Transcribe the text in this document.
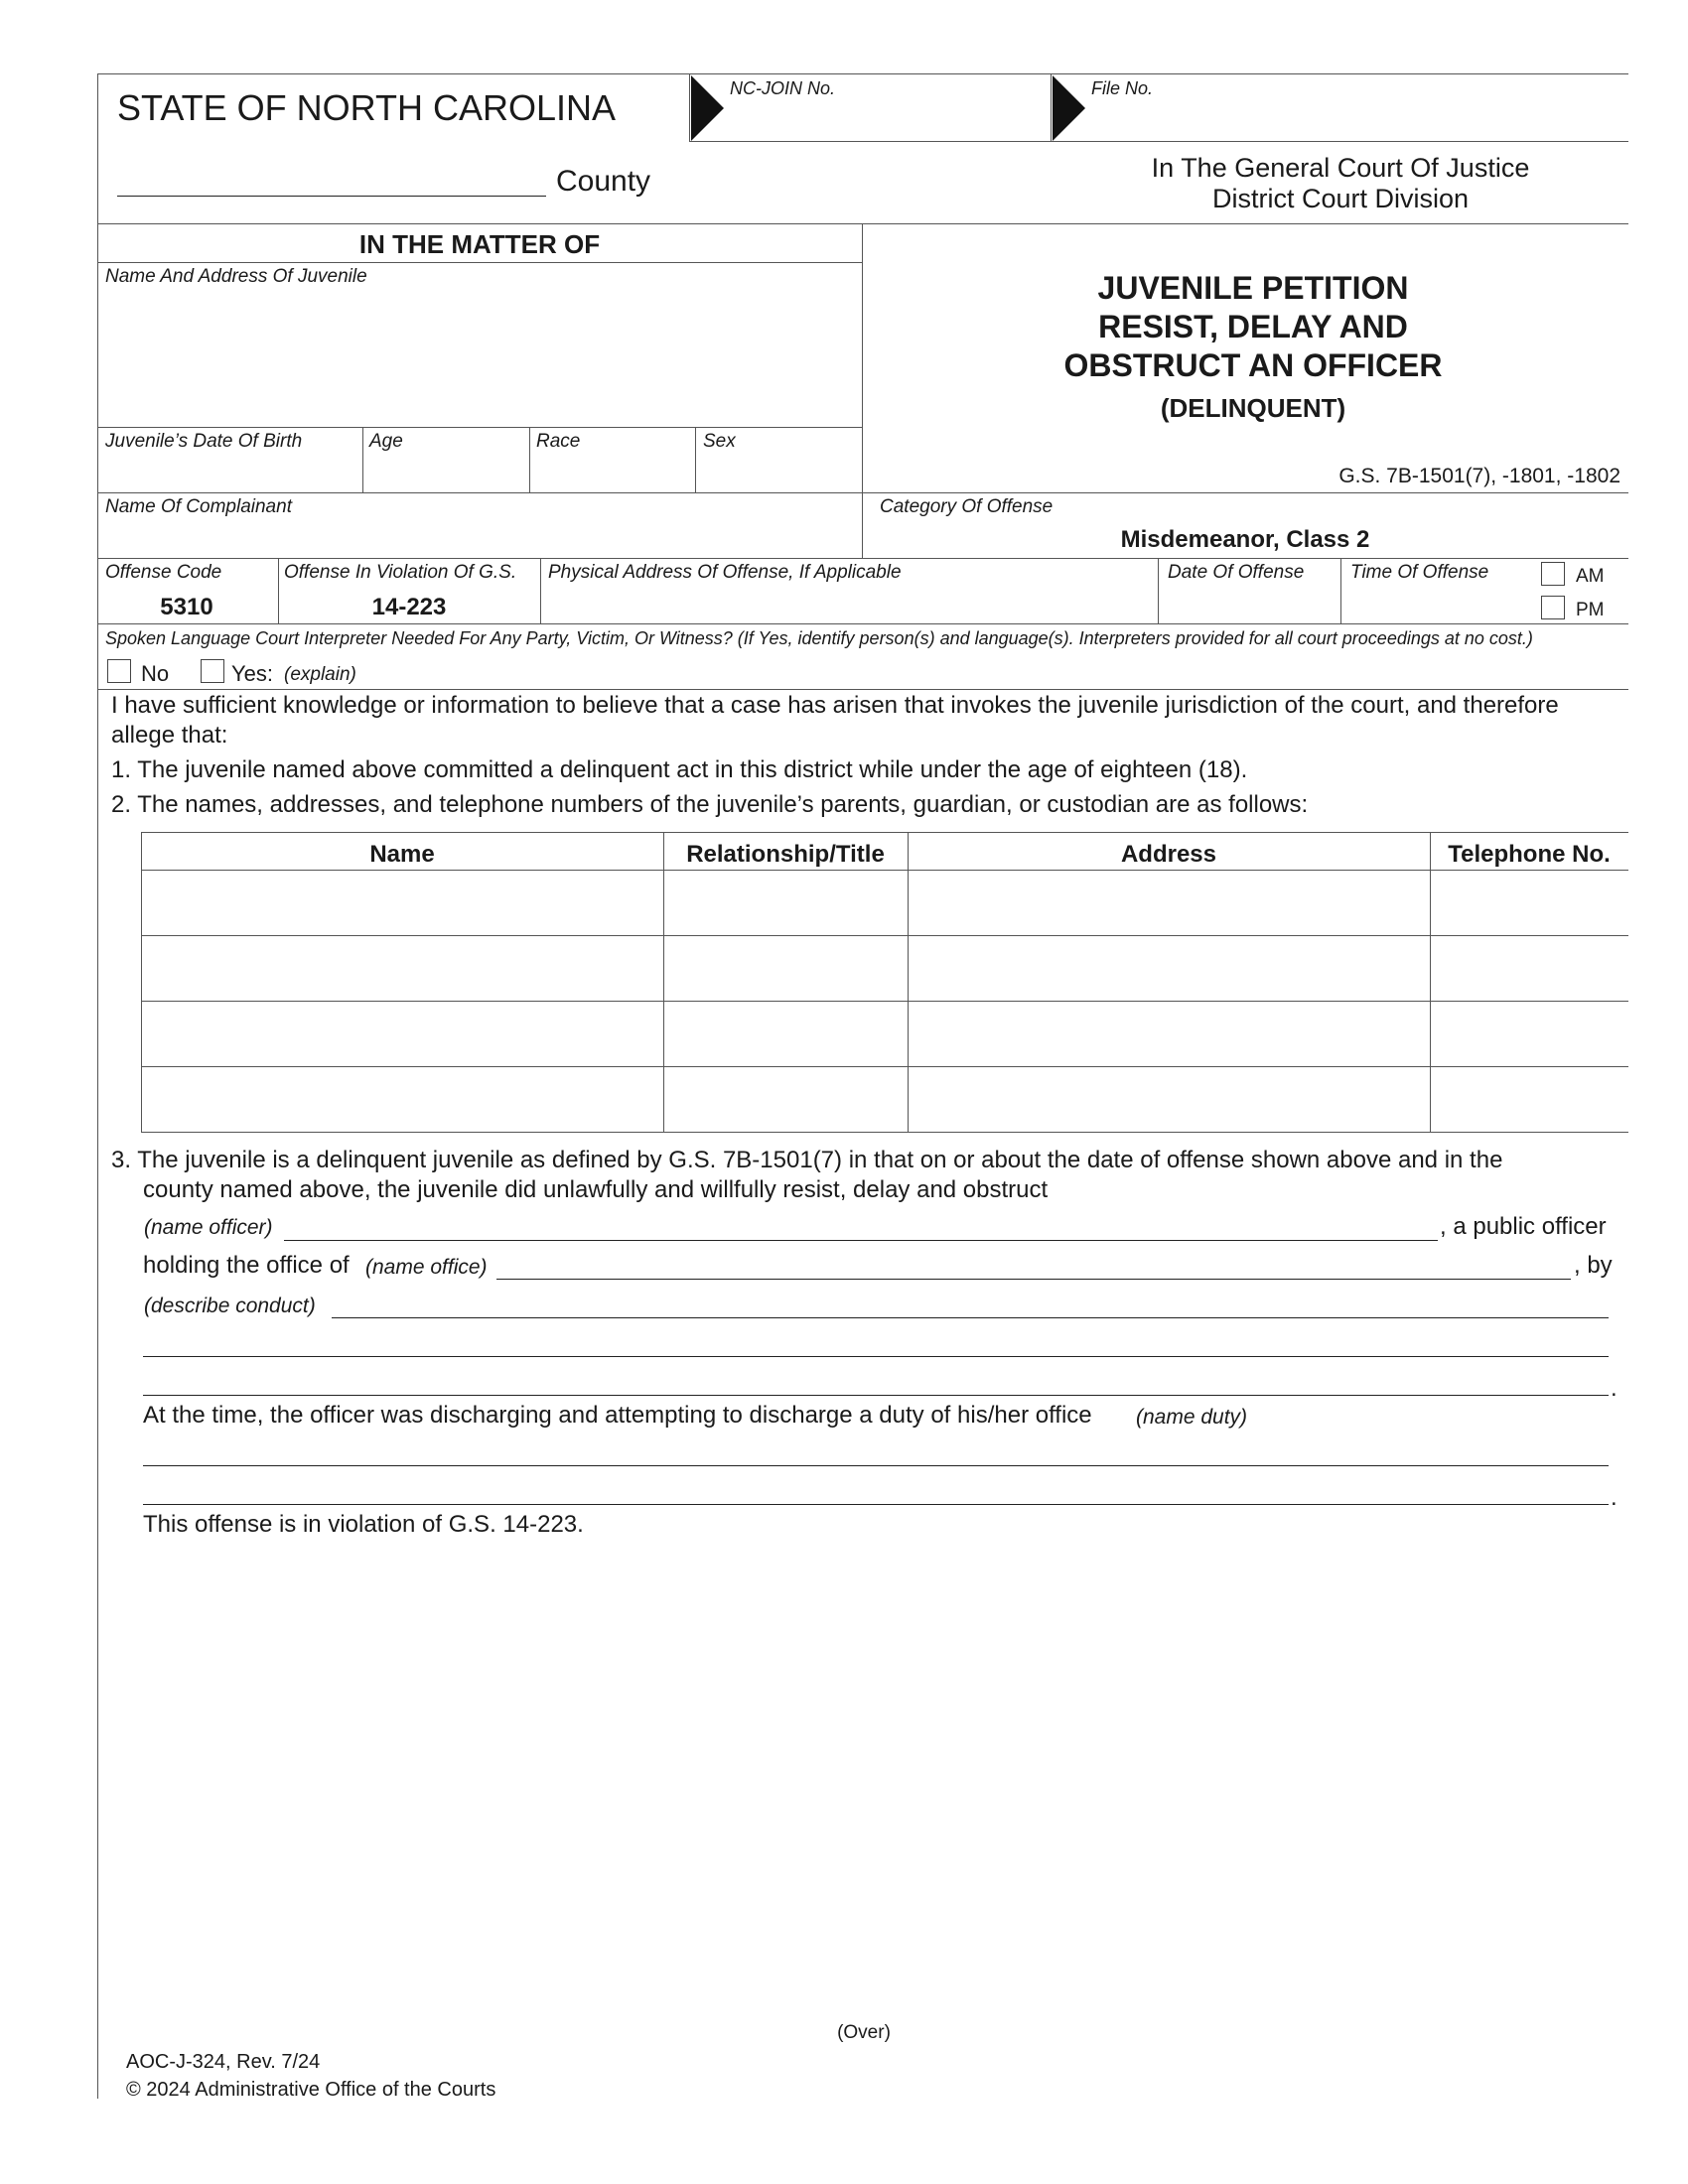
STATE OF NORTH CAROLINA	NC-JOIN No.	File No.
County	In The General Court Of Justice
District Court Division
IN THE MATTER OF
Name And Address Of Juvenile
Juvenile’s Date Of Birth	Age	Race	Sex
Name Of Complainant
JUVENILE PETITION
RESIST, DELAY AND
OBSTRUCT AN OFFICER
(DELINQUENT)
G.S. 7B-1501(7), -1801, -1802
Category Of Offense
Misdemeanor, Class 2
Offense Code
5310
Offense In Violation Of G.S.
14-223
Physical Address Of Offense, If Applicable	Date Of Offense Time Of Offense	AM
PM
Spoken Language Court Interpreter Needed For Any Party, Victim, Or Witness? (If Yes, identify person(s) and language(s). Interpreters provided for all court proceedings at no cost.)
No	Yes: (explain)
I have sufficient knowledge or information to believe that a case has arisen that invokes the juvenile jurisdiction of the court, and therefore
allege that:
1. The juvenile named above committed a delinquent act in this district while under the age of eighteen (18).
2. The names, addresses, and telephone numbers of the juvenile’s parents, guardian, or custodian are as follows:
Name	Relationship/Title	Address	Telephone No.
3. The juvenile is a delinquent juvenile as defined by G.S. 7B-1501(7) in that on or about the date of offense shown above and in the
county named above, the juvenile did unlawfully and willfully resist, delay and obstruct
(name officer)	, a public officer
holding the office of (name office)	, by
(describe conduct)
.
At the time, the officer was discharging and attempting to discharge a duty of his/her office (name duty)
.
This offense is in violation of G.S. 14-223.
(Over)
AOC-J-324, Rev. 7/24
© 2024 Administrative Office of the Courts
